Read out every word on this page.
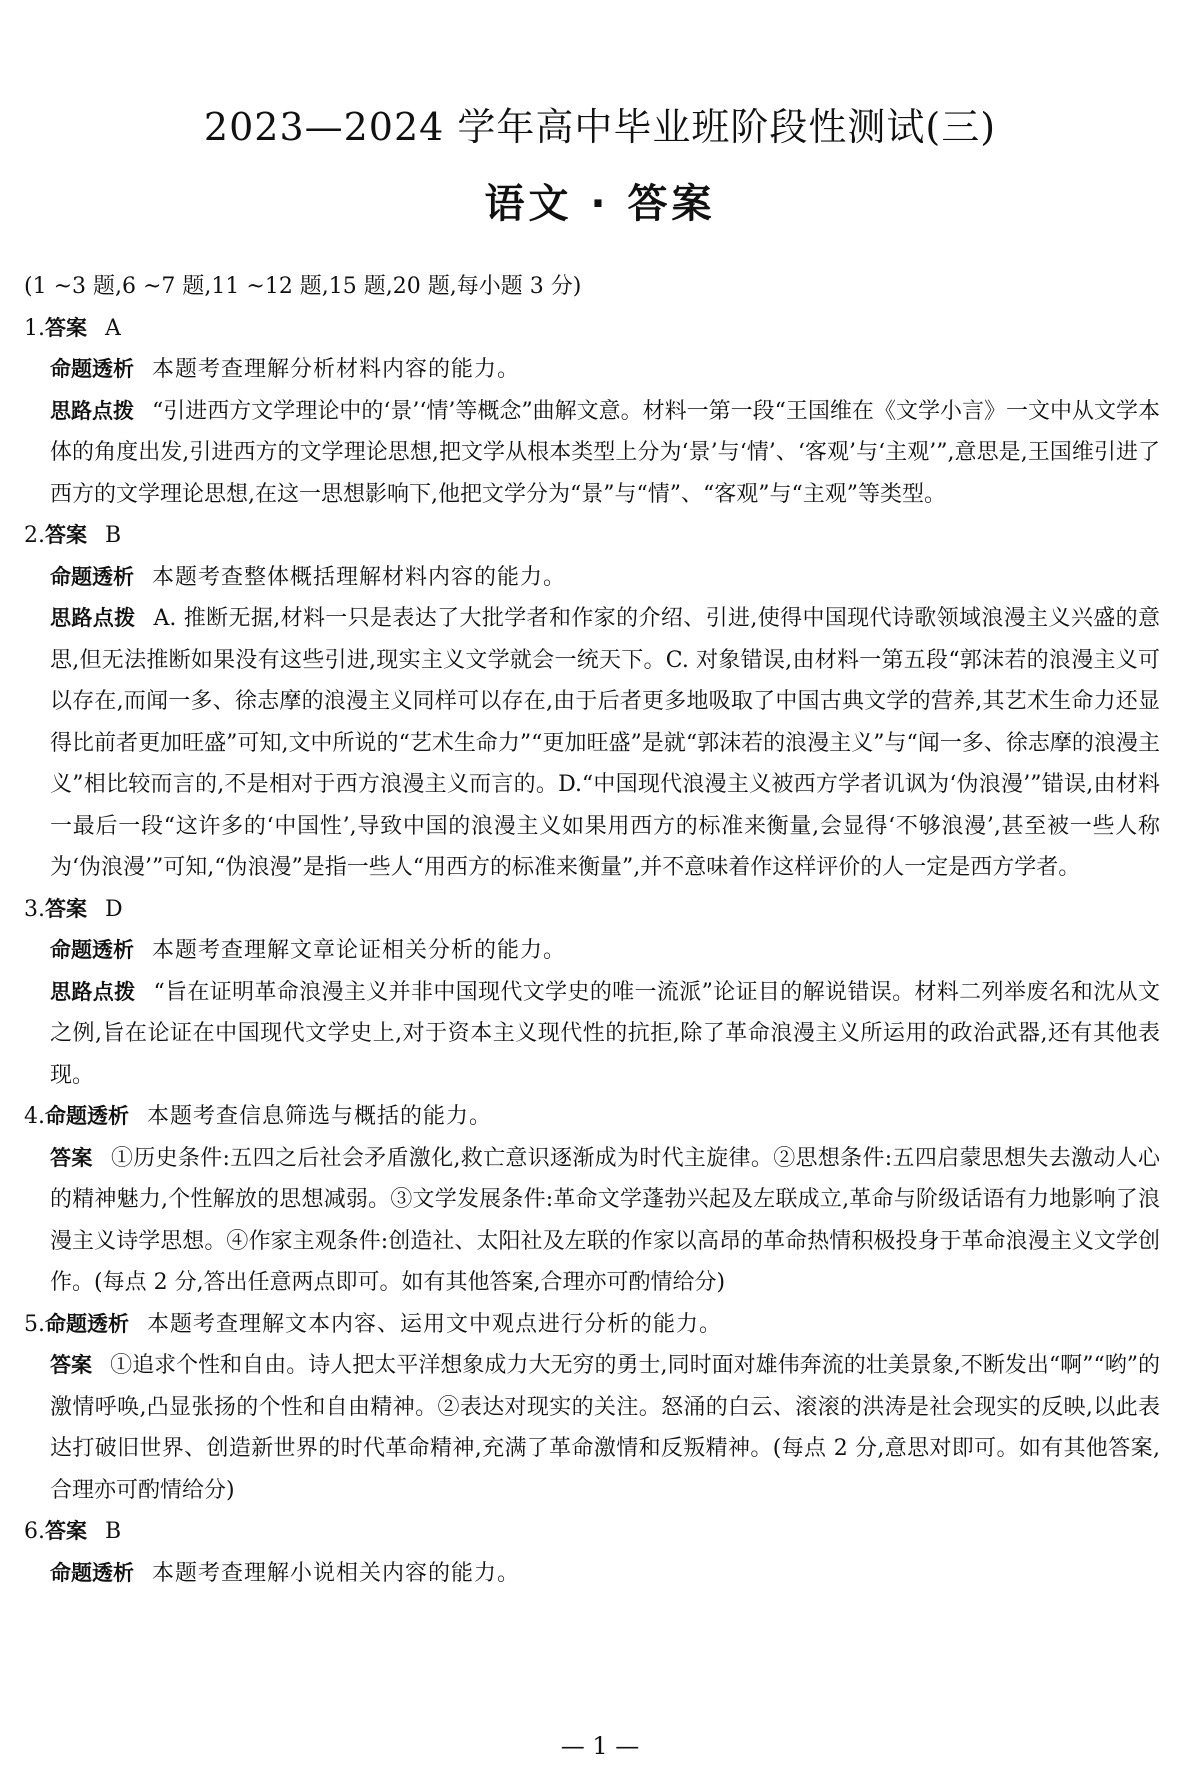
2023—2024 学年高中毕业班阶段性测试(三)
语文 · 答案
(1 ~3 题,6 ~7 题,11 ~12 题,15 题,20 题,每小题 3 分)
1.答案 A
命题透析 本题考查理解分析材料内容的能力。
思路点拨 “引进西方文学理论中的‘景’‘情’等概念”曲解文意。材料一第一段“王国维在《文学小言》一文中从文学本体的角度出发,引进西方的文学理论思想,把文学从根本类型上分为‘景’与‘情’、‘客观’与‘主观’”,意思是,王国维引进了西方的文学理论思想,在这一思想影响下,他把文学分为“景”与“情”、“客观”与“主观”等类型。
2.答案 B
命题透析 本题考查整体概括理解材料内容的能力。
思路点拨 A. 推断无据,材料一只是表达了大批学者和作家的介绍、引进,使得中国现代诗歌领域浪漫主义兴盛的意思,但无法推断如果没有这些引进,现实主义文学就会一统天下。C. 对象错误,由材料一第五段“郭沫若的浪漫主义可以存在,而闻一多、徐志摩的浪漫主义同样可以存在,由于后者更多地吸取了中国古典文学的营养,其艺术生命力还显得比前者更加旺盛”可知,文中所说的“艺术生命力”“更加旺盛”是就“郭沫若的浪漫主义”与“闻一多、徐志摩的浪漫主义”相比较而言的,不是相对于西方浪漫主义而言的。D.“中国现代浪漫主义被西方学者讥讽为‘伪浪漫’”错误,由材料一最后一段“这许多的‘中国性’,导致中国的浪漫主义如果用西方的标准来衡量,会显得‘不够浪漫’,甚至被一些人称为‘伪浪漫’”可知,“伪浪漫”是指一些人“用西方的标准来衡量”,并不意味着作这样评价的人一定是西方学者。
3.答案 D
命题透析 本题考查理解文章论证相关分析的能力。
思路点拨 “旨在证明革命浪漫主义并非中国现代文学史的唯一流派”论证目的解说错误。材料二列举废名和沈从文之例,旨在论证在中国现代文学史上,对于资本主义现代性的抗拒,除了革命浪漫主义所运用的政治武器,还有其他表现。
4.命题透析 本题考查信息筛选与概括的能力。
答案 ①历史条件:五四之后社会矛盾激化,救亡意识逐渐成为时代主旋律。②思想条件:五四启蒙思想失去激动人心的精神魅力,个性解放的思想减弱。③文学发展条件:革命文学蓬勃兴起及左联成立,革命与阶级话语有力地影响了浪漫主义诗学思想。④作家主观条件:创造社、太阳社及左联的作家以高昂的革命热情积极投身于革命浪漫主义文学创作。(每点 2 分,答出任意两点即可。如有其他答案,合理亦可酌情给分)
5.命题透析 本题考查理解文本内容、运用文中观点进行分析的能力。
答案 ①追求个性和自由。诗人把太平洋想象成力大无穷的勇士,同时面对雄伟奔流的壮美景象,不断发出“啊”“哟”的激情呼唤,凸显张扬的个性和自由精神。②表达对现实的关注。怒涌的白云、滚滚的洪涛是社会现实的反映,以此表达打破旧世界、创造新世界的时代革命精神,充满了革命激情和反叛精神。(每点 2 分,意思对即可。如有其他答案,合理亦可酌情给分)
6.答案 B
命题透析 本题考查理解小说相关内容的能力。
— 1 —
